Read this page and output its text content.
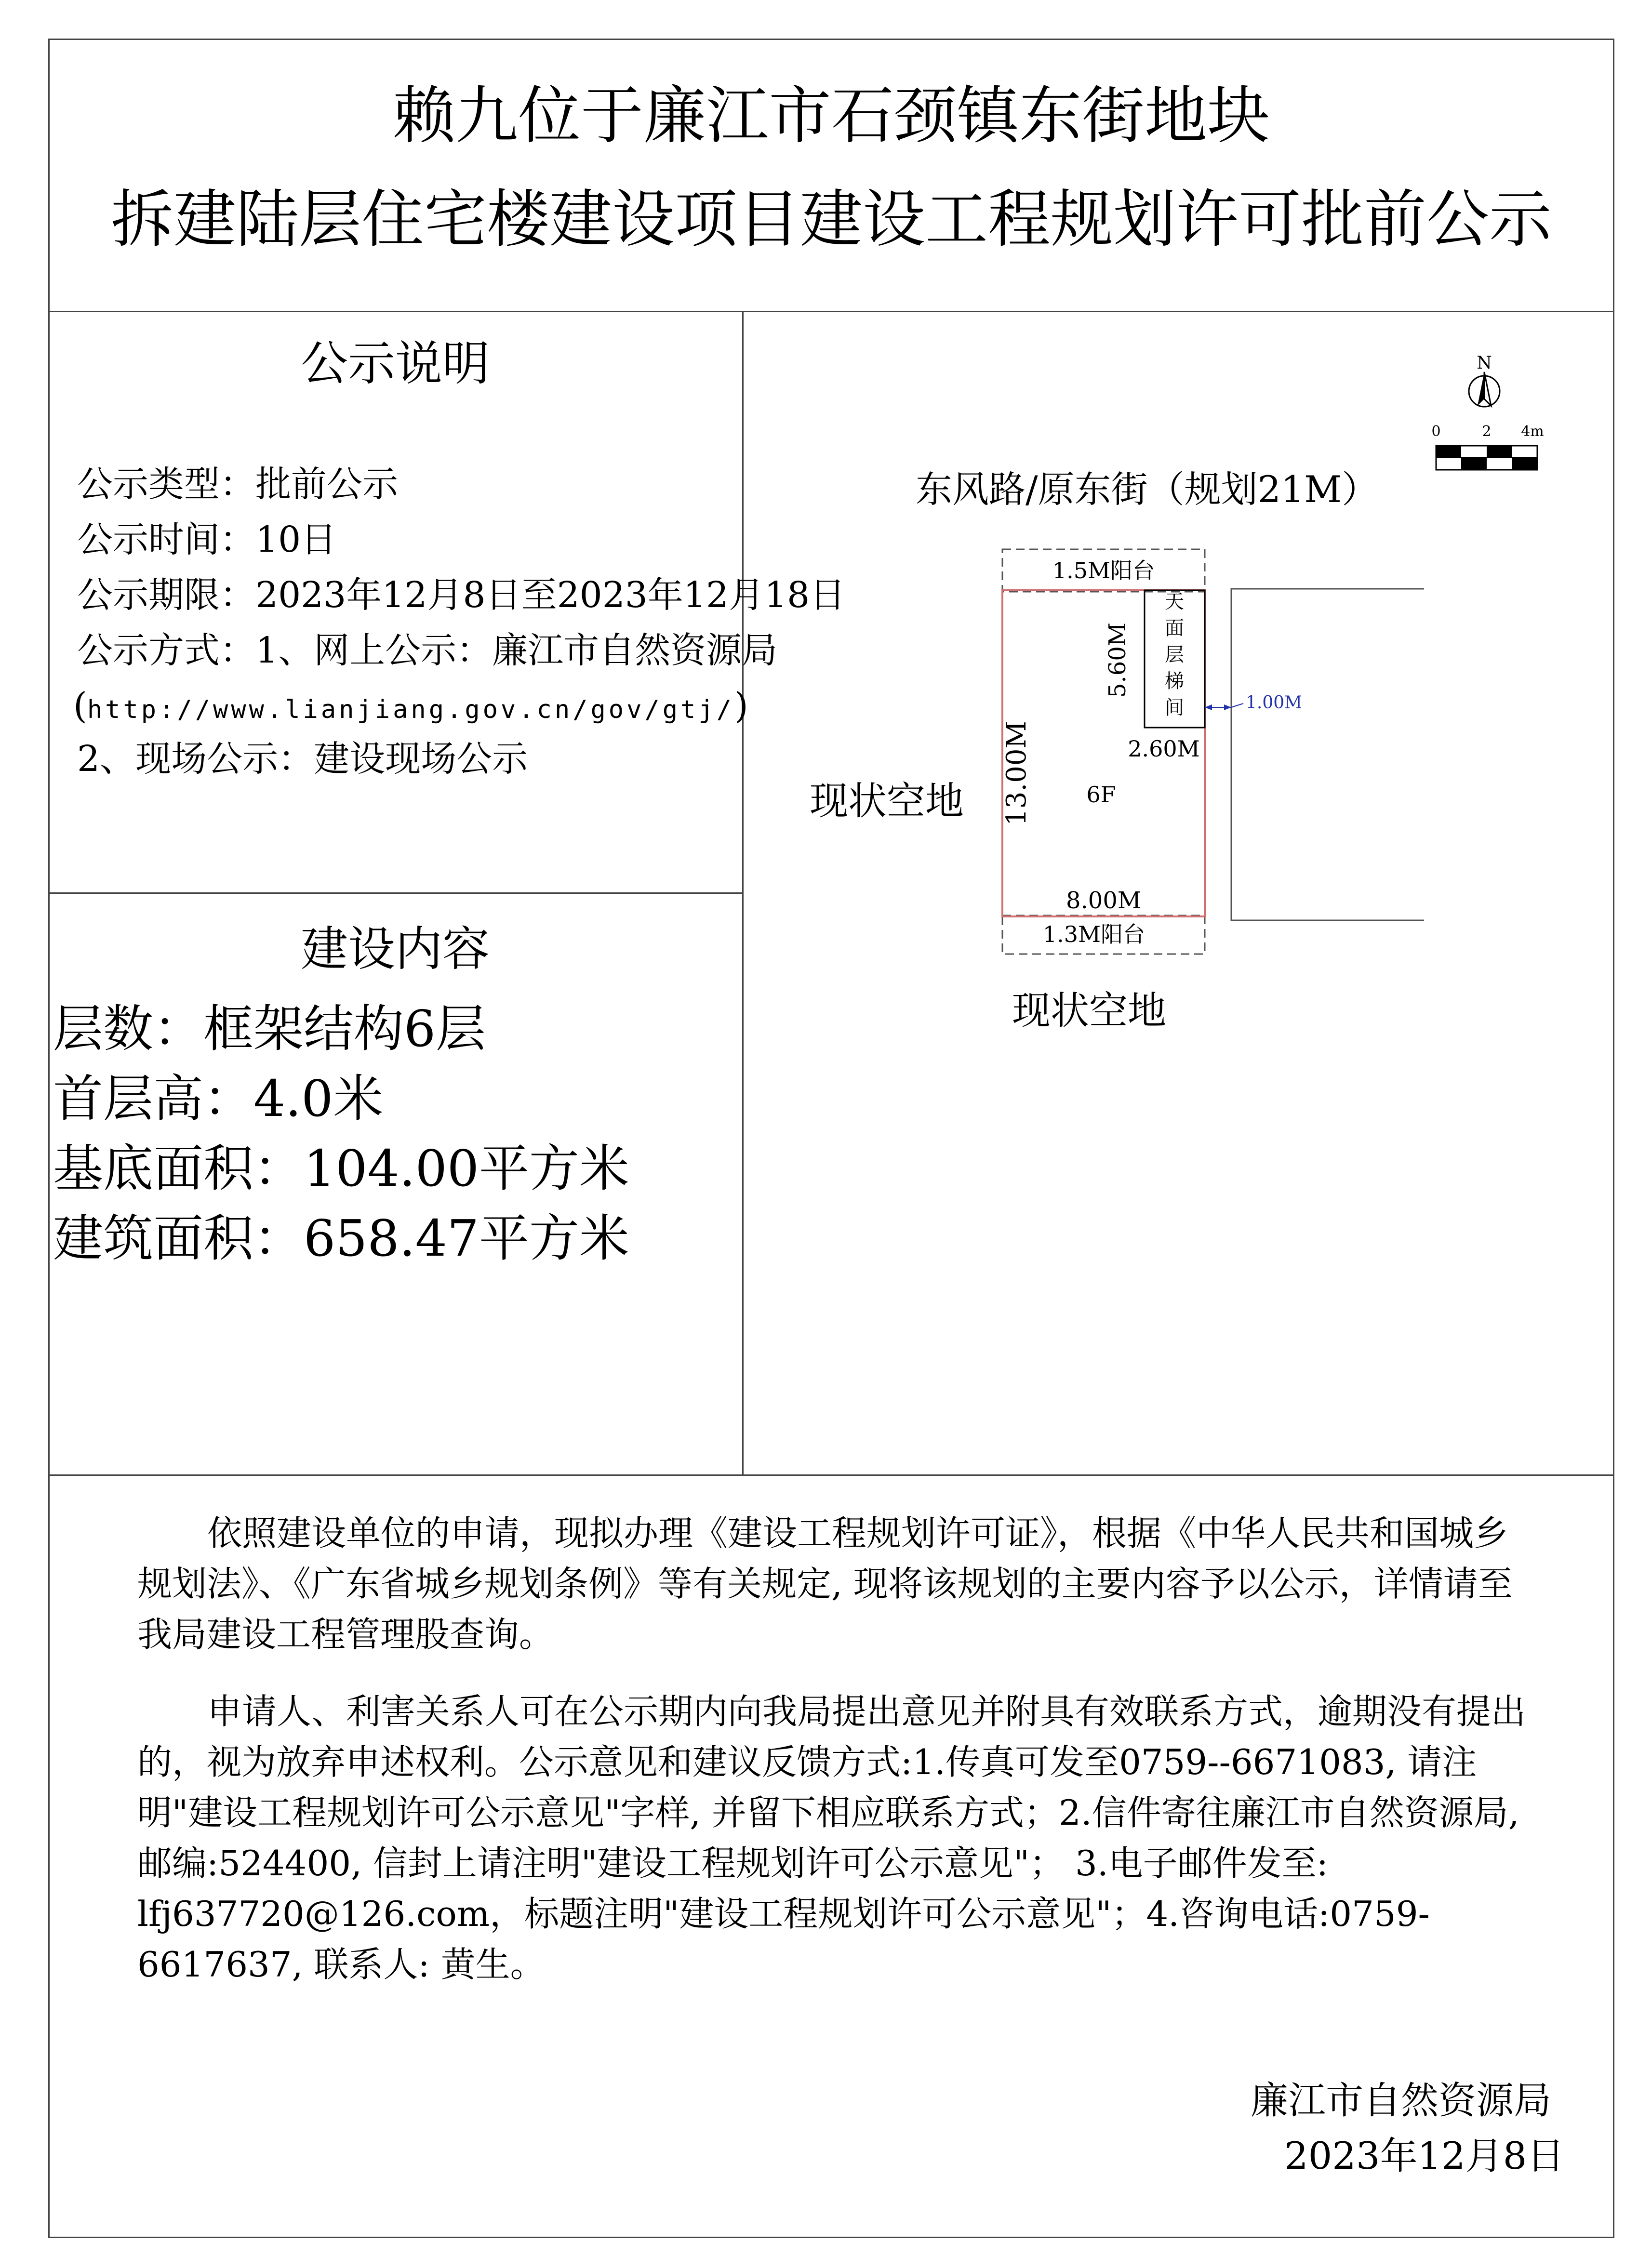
赖九位于廉江市石颈镇东街地块
拆建陆层住宅楼建设项目建设工程规划许可批前公示
公示说明
公示类型：批前公示
公示时间：10日
公示期限：2023年12月8日至2023年12月18日
公示方式：1、网上公示：廉江市自然资源局
(http://www.lianjiang.gov.cn/gov/gtj/)
2、现场公示：建设现场公示
建设内容
层数：框架结构6层
首层高：4.0米
基底面积：104.00平方米
建筑面积：658.47平方米
N
0	2 4m
东风路/原东街（规划21M）
1.5M阳台
1.3M阳台
天
面
层
梯
间
5.60M
2.60M
1.00M
13.00M 6F
8.00M
现状空地
现状空地
依照建设单位的申请，现拟办理《建设工程规划许可证》，根据《中华人民共和国城乡规划法》、《广东省城乡规划条例》等有关规定, 现将该规划的主要内容予以公示，详情请至我局建设工程管理股查询。
申请人、利害关系人可在公示期内向我局提出意见并附具有效联系方式，逾期没有提出的，视为放弃申述权利。公示意见和建议反馈方式:1.传真可发至0759--6671083, 请注明"建设工程规划许可公示意见"字样, 并留下相应联系方式；2.信件寄往廉江市自然资源局, 邮编:524400, 信封上请注明"建设工程规划许可公示意见"； 3.电子邮件发至: lfj637720@126.com，标题注明"建设工程规划许可公示意见"；4.咨询电话:0759-6617637, 联系人: 黄生。
廉江市自然资源局
2023年12月8日
